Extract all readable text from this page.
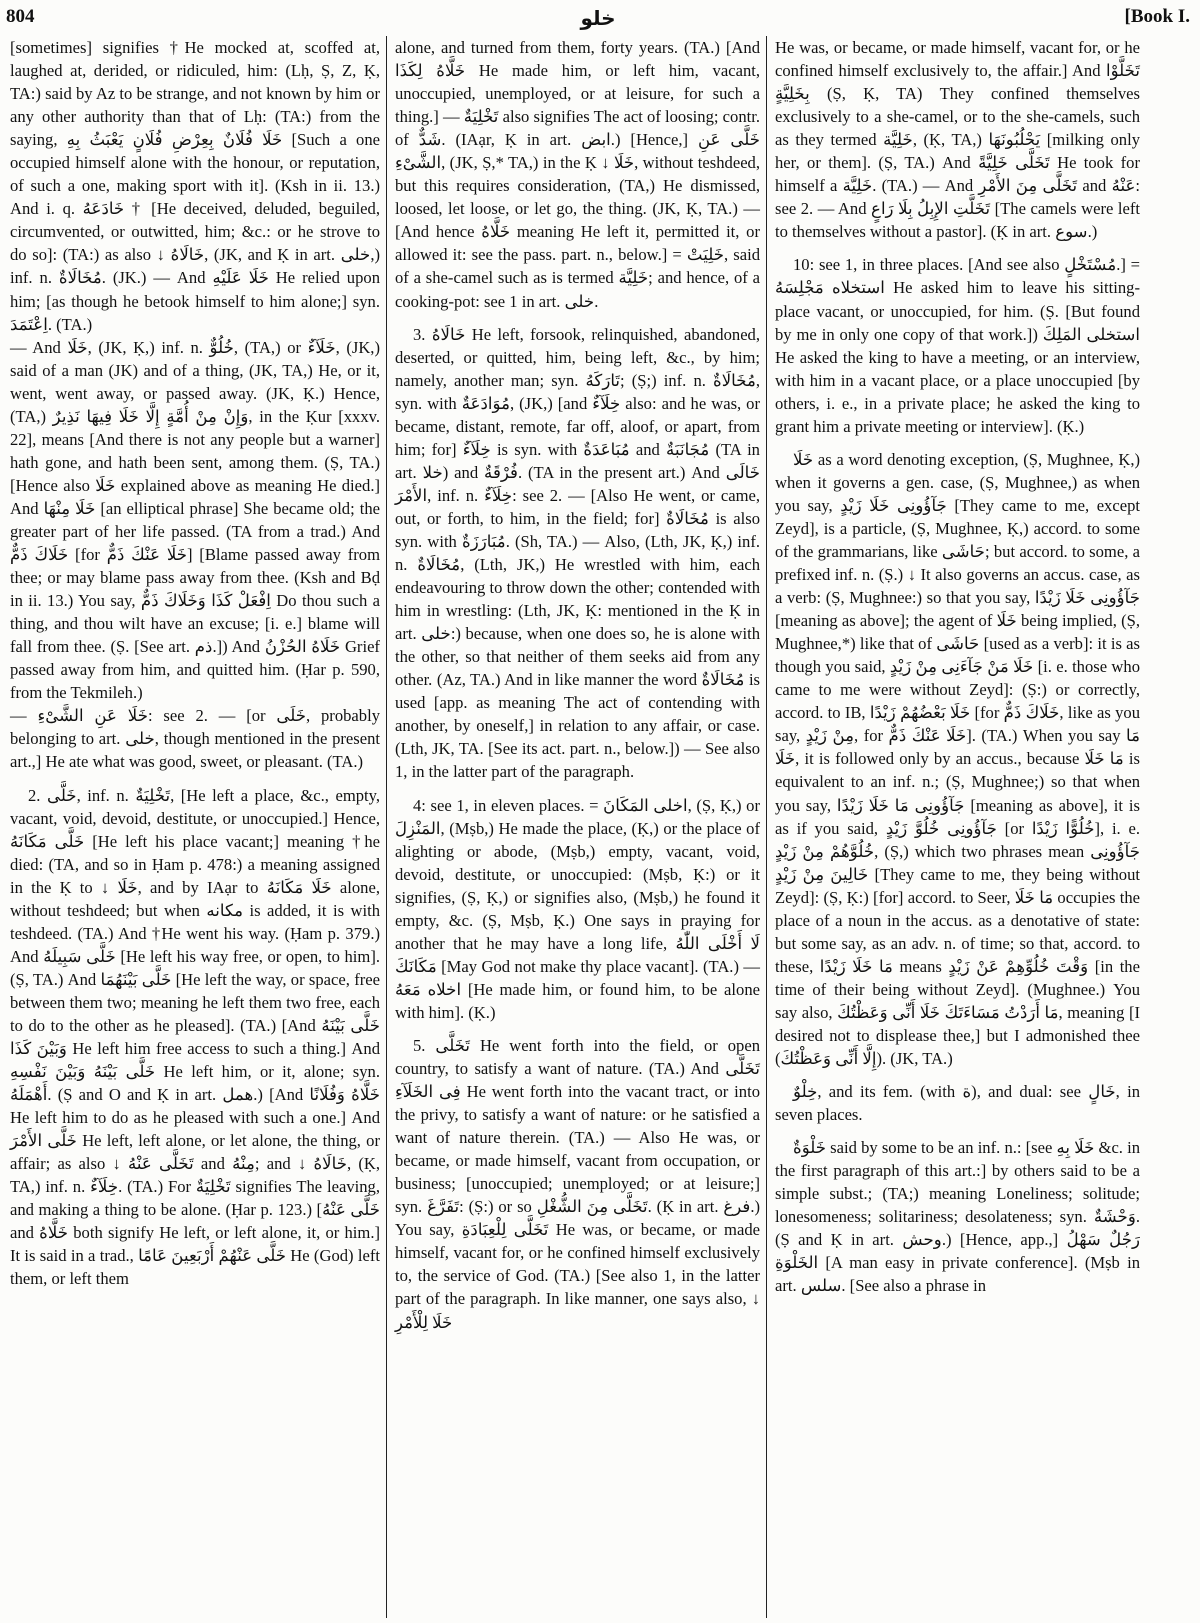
804	خلو	[Book I.

[sometimes] signifies †He mocked at, scoffed at, laughed at, derided, or ridiculed, him: (Lḥ, Ṣ, Z, Ḳ, TA:) said by Az to be strange, and not known by him or any other authority than that of Lḥ: (TA:) from the saying, خَلَا فُلَانٌ بِعِرْضِ فُلَانٍ يَعْبَثُ بِهِ [Such a one occupied himself alone with the honour, or reputation, of such a one, making sport with it]. (Ksh in ii. 13.) And i. q. خَادَعَهُ † [He deceived, deluded, beguiled, circumvented, or outwitted, him; &c.: or he strove to do so]: (TA:) as also ↓ خَالَاهُ, (JK, and Ḳ in art. خلى,) inf. n. مُخَالَاةٌ. (JK.) — And خَلَا عَلَيْهِ He relied upon him; [as though he betook himself to him alone;] syn. اِعْتَمَدَ. (TA.)

— And خَلَا, (JK, Ḳ,) inf. n. خُلُوٌّ, (TA,) or خَلَآءٌ, (JK,) said of a man (JK) and of a thing, (JK, TA,) He, or it, went, went away, or passed away. (JK, Ḳ.) Hence, (TA,) وَإِنْ مِنْ أُمَّةٍ إِلَّا خَلَا فِيهَا نَذِيرٌ, in the Ḳur [xxxv. 22], means [And there is not any people but a warner] hath gone, and hath been sent, among them. (Ṣ, TA.) [Hence also خَلَا explained above as meaning He died.] And خَلَا مِنْهَا [an elliptical phrase] She became old; the greater part of her life passed. (TA from a trad.) And خَلَاكَ ذَمٌّ [for خَلَا عَنْكَ ذَمٌّ] [Blame passed away from thee; or may blame pass away from thee. (Ksh and Bḍ in ii. 13.) You say, اِفْعَلْ كَذَا وَخَلَاكَ ذَمٌّ Do thou such a thing, and thou wilt have an excuse; [i. e.] blame will fall from thee. (Ṣ. [See art. ذم.]) And خَلَاهُ الحُزْنُ Grief passed away from him, and quitted him. (Ḥar p. 590, from the Tekmileh.)

— خَلَا عَنِ الشَّىْءِ: see 2. — [or خَلَى, probably belonging to art. خلى, though mentioned in the present art.,] He ate what was good, sweet, or pleasant. (TA.)

2. خَلَّى, inf. n. تَخْلِيَةٌ, [He left a place, &c., empty, vacant, void, devoid, destitute, or unoccupied.] Hence, خَلَّى مَكَانَهُ [He left his place vacant;] meaning †he died: (TA, and so in Ḥam p. 478:) a meaning assigned in the Ḳ to ↓ خَلَا, and by IAạr to خَلَا مَكَانَهُ alone, without teshdeed; but when مكانه is added, it is with teshdeed. (TA.) And †He went his way. (Ḥam p. 379.) And خَلَّى سَبِيلَهُ [He left his way free, or open, to him]. (Ṣ, TA.) And خَلَّى بَيْنَهُمَا [He left the way, or space, free between them two; meaning he left them two free, each to do to the other as he pleased]. (TA.) [And خَلَّى بَيْنَهُ وَبَيْنَ كَذَا He left him free access to such a thing.] And خَلَّى بَيْنَهُ وَبَيْنَ نَفْسِهِ He left him, or it, alone; syn. أَهْمَلَهُ. (Ṣ and O and Ḳ in art. همل.) [And خَلَّاهُ وَفُلَانًا He left him to do as he pleased with such a one.] And خَلَّى الأَمْرَ He left, left alone, or let alone, the thing, or affair; as also ↓ تَخَلَّى عَنْهُ and مِنْهُ; and ↓ خَالَاهُ, (Ḳ, TA,) inf. n. خِلَآءٌ. (TA.) For تَخْلِيَةٌ signifies The leaving, and making a thing to be alone. (Ḥar p. 123.) [خَلَّى عَنْهُ and خَلَّاهُ both signify He left, or left alone, it, or him.] It is said in a trad., خَلَّى عَنْهُمْ أَرْبَعِينَ عَامًا He (God) left them, or left them

alone, and turned from them, forty years. (TA.) [And خَلَّاهُ لِكَذَا He made him, or left him, vacant, unoccupied, unemployed, or at leisure, for such a thing.] — تَخْلِيَةٌ also signifies The act of loosing; contr. of شَدٌّ. (IAạr, Ḳ in art. ابض.) [Hence,] خَلَّى عَنِ الشَّىْءِ, (JK, Ṣ,* TA,) in the Ḳ ↓ خَلَا, without teshdeed, but this requires consideration, (TA,) He dismissed, loosed, let loose, or let go, the thing. (JK, Ḳ, TA.) — [And hence خَلَّاهُ meaning He left it, permitted it, or allowed it: see the pass. part. n., below.] = خَلِيَتْ, said of a she-camel such as is termed خَلِيَّة; and hence, of a cooking-pot: see 1 in art. خلى.

3. خَالَاهُ He left, forsook, relinquished, abandoned, deserted, or quitted, him, being left, &c., by him; namely, another man; syn. تَارَكَهُ; (Ṣ;) inf. n. مُخَالَاةٌ, syn. with مُوَادَعَةٌ, (JK,) [and خِلَآءٌ also: and he was, or became, distant, remote, far off, aloof, or apart, from him; for] خِلَآءٌ is syn. with مُبَاعَدَةٌ and مُجَانَبَةٌ (TA in art. خلا) and فُرْقَةٌ. (TA in the present art.) And خَالَى الأَمْرَ, inf. n. خِلَآءٌ: see 2. — [Also He went, or came, out, or forth, to him, in the field; for] مُخَالَاةٌ is also syn. with مُبَارَزَةٌ. (Sh, TA.) — Also, (Lth, JK, Ḳ,) inf. n. مُخَالَاةٌ, (Lth, JK,) He wrestled with him, each endeavouring to throw down the other; contended with him in wrestling: (Lth, JK, Ḳ: mentioned in the Ḳ in art. خلى:) because, when one does so, he is alone with the other, so that neither of them seeks aid from any other. (Az, TA.) And in like manner the word مُخَالَاةٌ is used [app. as meaning The act of contending with another, by oneself,] in relation to any affair, or case. (Lth, JK, TA. [See its act. part. n., below.]) — See also 1, in the latter part of the paragraph.

4: see 1, in eleven places. = اخلى المَكَانَ, (Ṣ, Ḳ,) or المَنْزِلَ, (Mṣb,) He made the place, (Ḳ,) or the place of alighting or abode, (Mṣb,) empty, vacant, void, devoid, destitute, or unoccupied: (Mṣb, Ḳ:) or it signifies, (Ṣ, Ḳ,) or signifies also, (Mṣb,) he found it empty, &c. (Ṣ, Mṣb, Ḳ.) One says in praying for another that he may have a long life, لَا أَخْلَى اللّٰهُ مَكَانَكَ [May God not make thy place vacant]. (TA.) — اخلاه مَعَهُ [He made him, or found him, to be alone with him]. (Ḳ.)

5. تَخَلَّى He went forth into the field, or open country, to satisfy a want of nature. (TA.) And تَخَلَّى فِى الخَلَآءِ He went forth into the vacant tract, or into the privy, to satisfy a want of nature: or he satisfied a want of nature therein. (TA.) — Also He was, or became, or made himself, vacant from occupation, or business; [unoccupied; unemployed; or at leisure;] syn. تَفَرَّغَ: (Ṣ:) or so تَخَلَّى مِنَ الشُّغْلِ. (Ḳ in art. فرغ.) You say, تَخَلَّى لِلْعِبَادَةِ He was, or became, or made himself, vacant for, or he confined himself exclusively to, the service of God. (TA.) [See also 1, in the latter part of the paragraph. In like manner, one says also, ↓ خَلَا لِلْأَمْرِ

He was, or became, or made himself, vacant for, or he confined himself exclusively to, the affair.] And تَخَلَّوْا بِخَلِيَّةٍ (Ṣ, Ḳ, TA) They confined themselves exclusively to a she-camel, or to the she-camels, such as they termed خَلِيَّة, (Ḳ, TA,) يَحْلُبُونَهَا [milking only her, or them]. (Ṣ, TA.) And تَخَلَّى خَلِيَّةً He took for himself a خَلِيَّة. (TA.) — And تَخَلَّى مِنَ الأَمْرِ and عَنْهُ: see 2. — And تَخَلَّتِ الإِبِلُ بِلَا رَاعٍ [The camels were left to themselves without a pastor]. (Ḳ in art. سوع.)

10: see 1, in three places. [And see also مُسْتَخْلٍ.] = استخلاه مَجْلِسَهُ He asked him to leave his sitting-place vacant, or unoccupied, for him. (Ṣ. [But found by me in only one copy of that work.]) استخلى المَلِكَ He asked the king to have a meeting, or an interview, with him in a vacant place, or a place unoccupied [by others, i. e., in a private place; he asked the king to grant him a private meeting or interview]. (Ḳ.)

خَلَا as a word denoting exception, (Ṣ, Mughnee, Ḳ,) when it governs a gen. case, (Ṣ, Mughnee,) as when you say, جَآؤُونِى خَلَا زَيْدٍ [They came to me, except Zeyd], is a particle, (Ṣ, Mughnee, Ḳ,) accord. to some of the grammarians, like حَاشَى; but accord. to some, a prefixed inf. n. (Ṣ.) ↓ It also governs an accus. case, as a verb: (Ṣ, Mughnee:) so that you say, جَآؤُونِى خَلَا زَيْدًا [meaning as above]; the agent of خَلَا being implied, (Ṣ, Mughnee,*) like that of حَاشَى [used as a verb]: it is as though you said, خَلَا مَنْ جَآءَنِى مِنْ زَيْدٍ [i. e. those who came to me were without Zeyd]: (Ṣ:) or correctly, accord. to IB, خَلَا بَعْضُهُمْ زَيْدًا [for خَلَاكَ ذَمٌّ, like as you say, مِنْ زَيْدٍ, for خَلَا عَنْكَ ذَمٌّ]. (TA.) When you say مَا خَلَا, it is followed only by an accus., because مَا خَلَا is equivalent to an inf. n.; (Ṣ, Mughnee;) so that when you say, جَآؤُونِى مَا خَلَا زَيْدًا [meaning as above], it is as if you said, جَآؤُونِى خُلُوَّ زَيْدٍ [or خُلُوًّا زَيْدًا], i. e. خُلُوَّهُمْ مِنْ زَيْدٍ, (Ṣ,) which two phrases mean جَآؤُونِى خَالِينَ مِنْ زَيْدٍ [They came to me, they being without Zeyd]: (Ṣ, Ḳ:) [for] accord. to Seer, مَا خَلَا occupies the place of a noun in the accus. as a denotative of state: but some say, as an adv. n. of time; so that, accord. to these, مَا خَلَا زَيْدًا means وَقْتَ خُلُوِّهِمْ عَنْ زَيْدٍ [in the time of their being without Zeyd]. (Mughnee.) You say also, مَا أَرَدْتُ مَسَاءَتَكَ خَلَا أَنِّى وَعَظْتُكَ, meaning [I desired not to displease thee,] but I admonished thee (إِلَّا أَنِّى وَعَظْتُكَ). (JK, TA.)

خِلْوٌ, and its fem. (with ة), and dual: see خَالٍ, in seven places.

خَلْوَةٌ said by some to be an inf. n.: [see خَلَا بِهِ &c. in the first paragraph of this art.:] by others said to be a simple subst.; (TA;) meaning Loneliness; solitude; lonesomeness; solitariness; desolateness; syn. وَحْشَةٌ. (Ṣ and Ḳ in art. وحش.) [Hence, app.,] رَجُلٌ سَهْلُ الخَلْوَةِ [A man easy in private conference]. (Mṣb in art. سلس. [See also a phrase in
